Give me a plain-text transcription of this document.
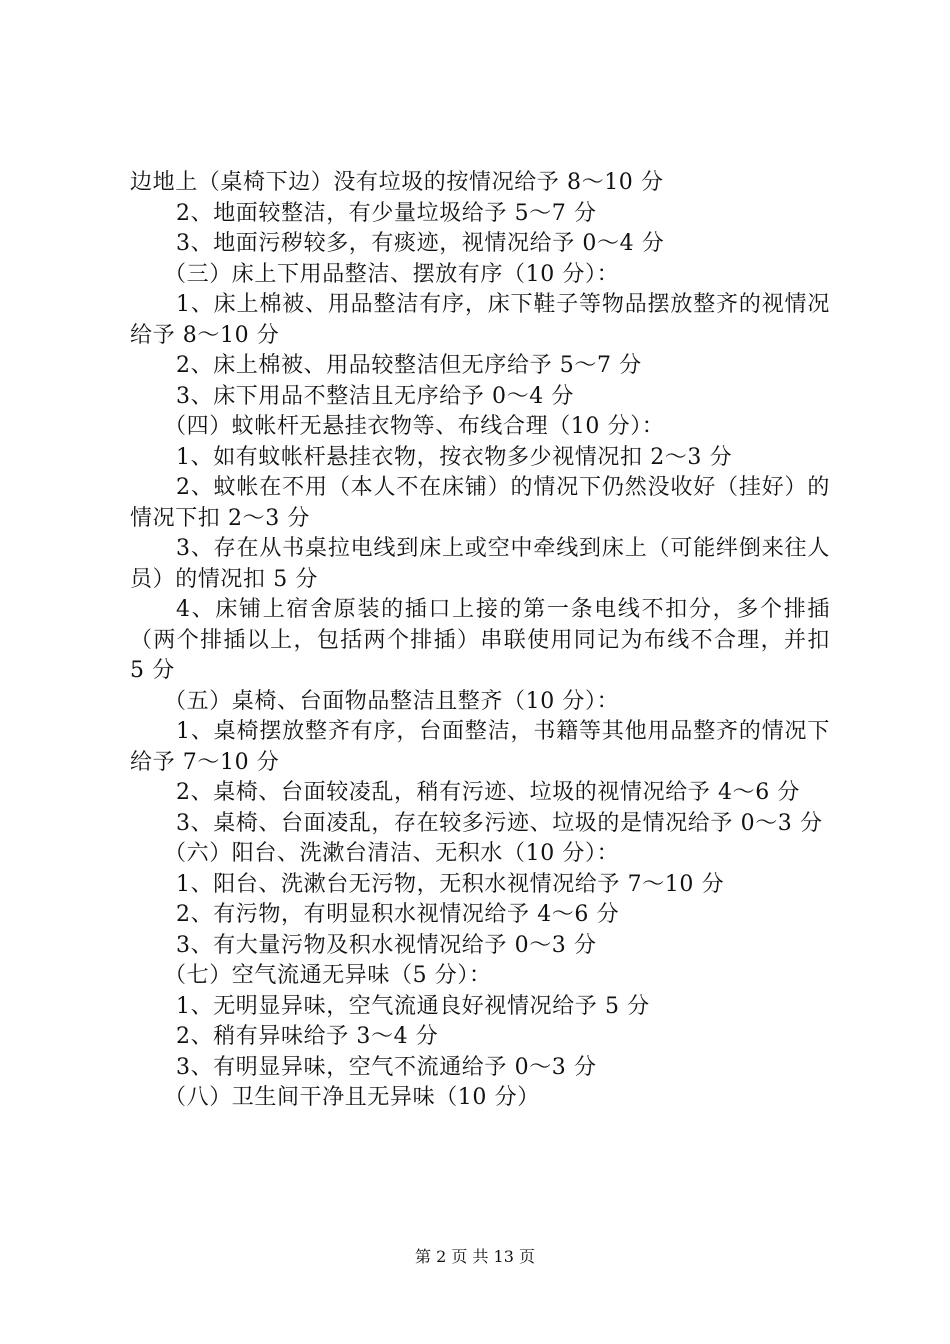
边地上（桌椅下边）没有垃圾的按情况给予 8～10 分

2、地面较整洁，有少量垃圾给予 5～7 分

3、地面污秽较多，有痰迹，视情况给予 0～4 分

（三）床上下用品整洁、摆放有序（10 分）：

1、床上棉被、用品整洁有序，床下鞋子等物品摆放整齐的视情况给予 8～10 分

2、床上棉被、用品较整洁但无序给予 5～7 分

3、床下用品不整洁且无序给予 0～4 分

（四）蚊帐杆无悬挂衣物等、布线合理（10 分）：

1、如有蚊帐杆悬挂衣物，按衣物多少视情况扣 2～3 分

2、蚊帐在不用（本人不在床铺）的情况下仍然没收好（挂好）的情况下扣 2～3 分

3、存在从书桌拉电线到床上或空中牵线到床上（可能绊倒来往人员）的情况扣 5 分

4、床铺上宿舍原装的插口上接的第一条电线不扣分，多个排插（两个排插以上，包括两个排插）串联使用同记为布线不合理，并扣 5 分

（五）桌椅、台面物品整洁且整齐（10 分）：

1、桌椅摆放整齐有序，台面整洁，书籍等其他用品整齐的情况下给予 7～10 分

2、桌椅、台面较凌乱，稍有污迹、垃圾的视情况给予 4～6 分

3、桌椅、台面凌乱，存在较多污迹、垃圾的是情况给予 0～3 分

（六）阳台、洗漱台清洁、无积水（10 分）：

1、阳台、洗漱台无污物，无积水视情况给予 7～10 分

2、有污物，有明显积水视情况给予 4～6 分

3、有大量污物及积水视情况给予 0～3 分

（七）空气流通无异味（5 分）：

1、无明显异味，空气流通良好视情况给予 5 分

2、稍有异味给予 3～4 分

3、有明显异味，空气不流通给予 0～3 分

（八）卫生间干净且无异味（10 分）

第 2 页 共 13 页
